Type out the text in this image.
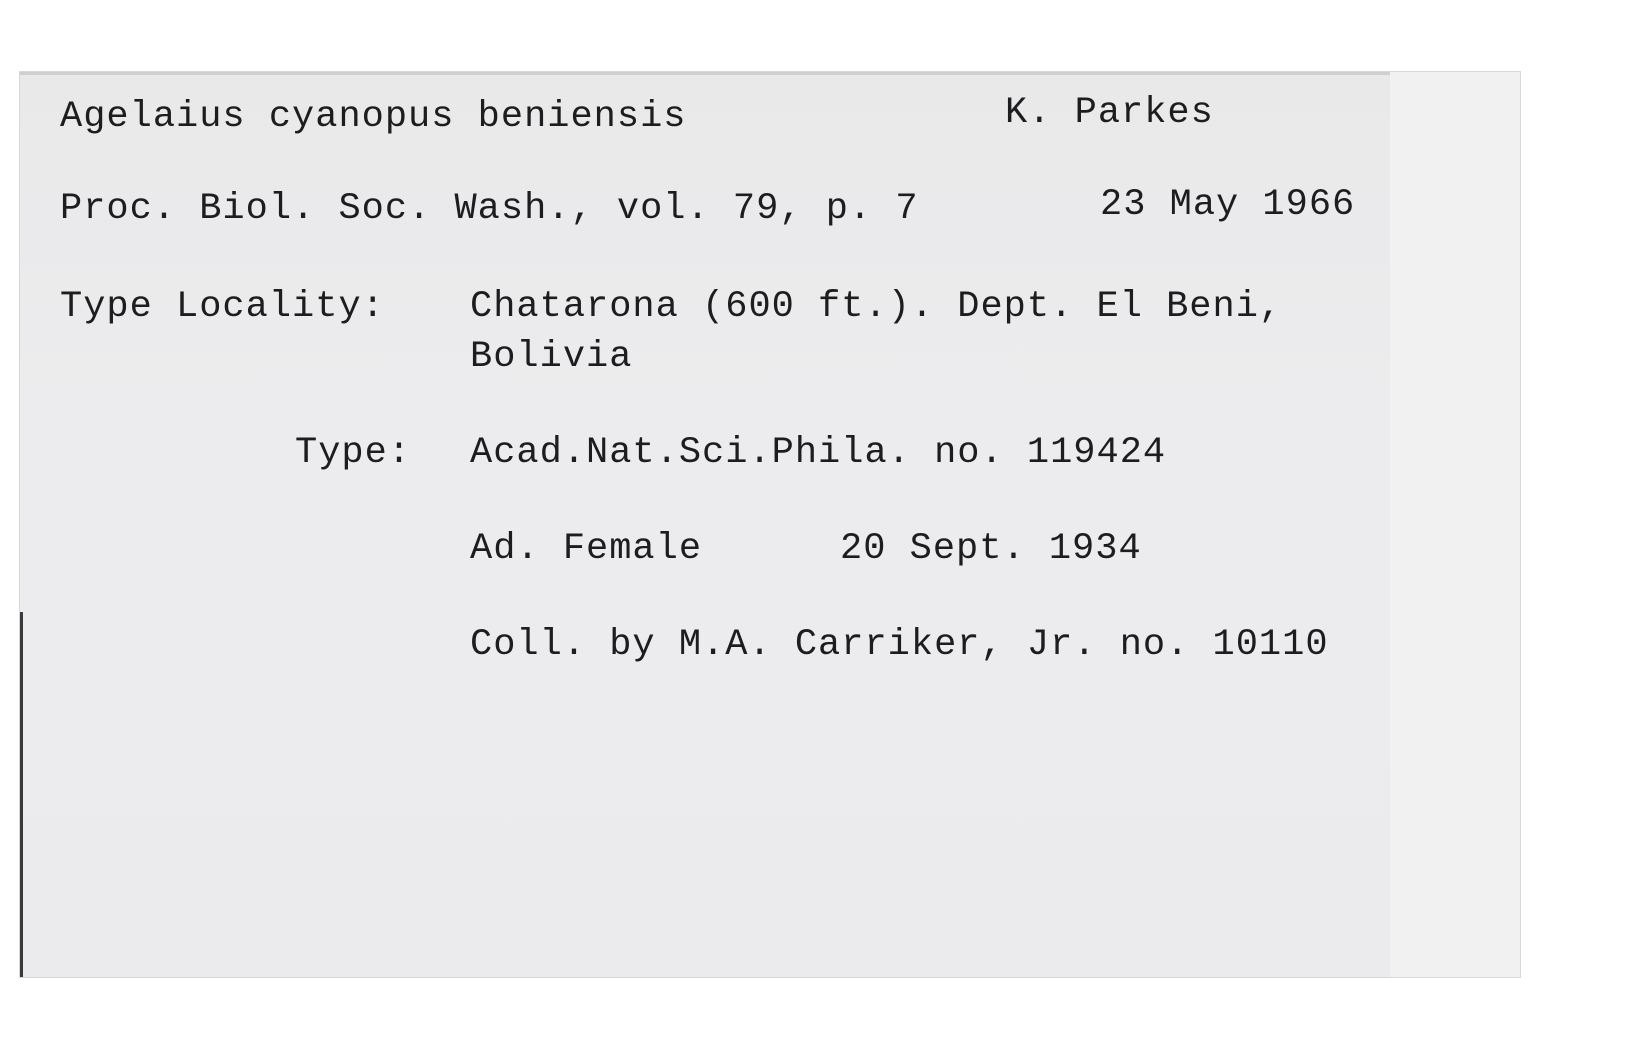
Agelaius cyanopus beniensis	K. Parkes
Proc. Biol. Soc. Wash., vol. 79, p. 7	23 May 1966
Type Locality: Chatarona (600 ft.). Dept. El Beni,
Bolivia
Type: Acad.Nat.Sci.Phila. no. 119424
Ad. Female	20 Sept. 1934
Coll. by M.A. Carriker, Jr. no. 10110
